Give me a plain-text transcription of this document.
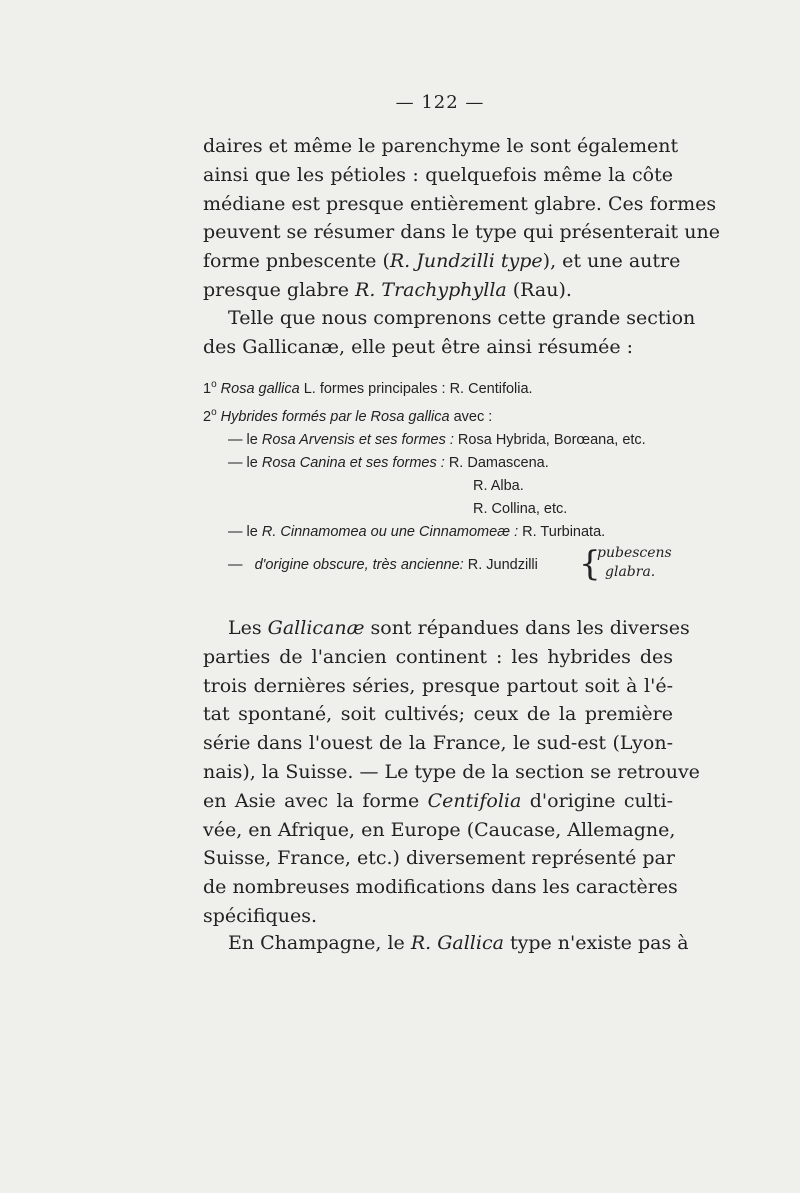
— 122 —
daires et même le parenchyme le sont également
ainsi que les pétioles : quelquefois même la côte
médiane est presque entièrement glabre. Ces formes
peuvent se résumer dans le type qui présenterait une
forme pnbescente (R. Jundzilli type), et une autre
presque glabre R. Trachyphylla (Rau).
Telle que nous comprenons cette grande section
des Gallicanæ, elle peut être ainsi résumée :
1$^o$ Rosa gallica L. formes principales : R. Centifolia.
2$^o$ Hybrides formés par le Rosa gallica avec :
— le Rosa Arvensis et ses formes : Rosa Hybrida, Borœana, etc.
— le Rosa Canina et ses formes : R. Damascena.
R. Alba.
R. Collina, etc.
— le R. Cinnamomea ou une Cinnamomeæ : R. Turbinata.
— d'origine obscure, très ancienne: R. Jundzilli {
pubescens
glabra.
Les Gallicanæ sont répandues dans les diverses
parties de l'ancien continent : les hybrides des
trois dernières séries, presque partout soit à l'é-
tat spontané, soit cultivés; ceux de la première
série dans l'ouest de la France, le sud-est (Lyon-
nais), la Suisse. — Le type de la section se retrouve
en Asie avec la forme Centifolia d'origine culti-
vée, en Afrique, en Europe (Caucase, Allemagne,
Suisse, France, etc.) diversement représenté par
de nombreuses modifications dans les caractères
spécifiques.
En Champagne, le R. Gallica type n'existe pas à
